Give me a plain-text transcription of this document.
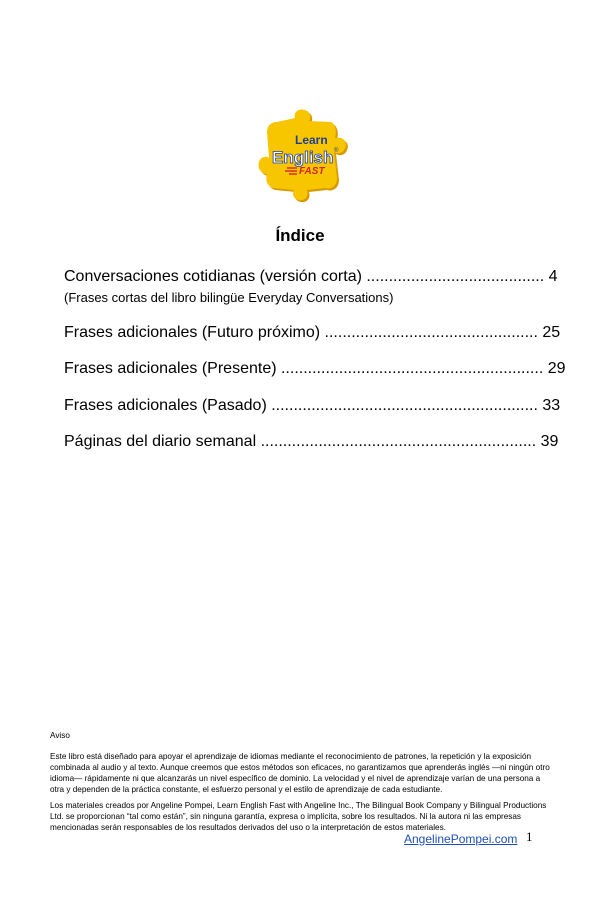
Learn
English ®
FAST
Índice
Conversaciones cotidianas (versión corta) ........................................ 4
(Frases cortas del libro bilingüe Everyday Conversations)
Frases adicionales (Futuro próximo) ................................................ 25
Frases adicionales (Presente) ........................................................... 29
Frases adicionales (Pasado) ............................................................ 33
Páginas del diario semanal .............................................................. 39
Aviso
Este libro está diseñado para apoyar el aprendizaje de idiomas mediante el reconocimiento de patrones, la repetición y la exposición combinada al audio y al texto. Aunque creemos que estos métodos son eficaces, no garantizamos que aprenderás inglés —ni ningún otro idioma— rápidamente ni que alcanzarás un nivel específico de dominio. La velocidad y el nivel de aprendizaje varían de una persona a otra y dependen de la práctica constante, el esfuerzo personal y el estilo de aprendizaje de cada estudiante.
Los materiales creados por Angeline Pompei, Learn English Fast with Angeline Inc., The Bilingual Book Company y Bilingual Productions Ltd. se proporcionan “tal como están”, sin ninguna garantía, expresa o implícita, sobre los resultados. Ni la autora ni las empresas mencionadas serán responsables de los resultados derivados del uso o la interpretación de estos materiales.
AngelinePompei.com 1
